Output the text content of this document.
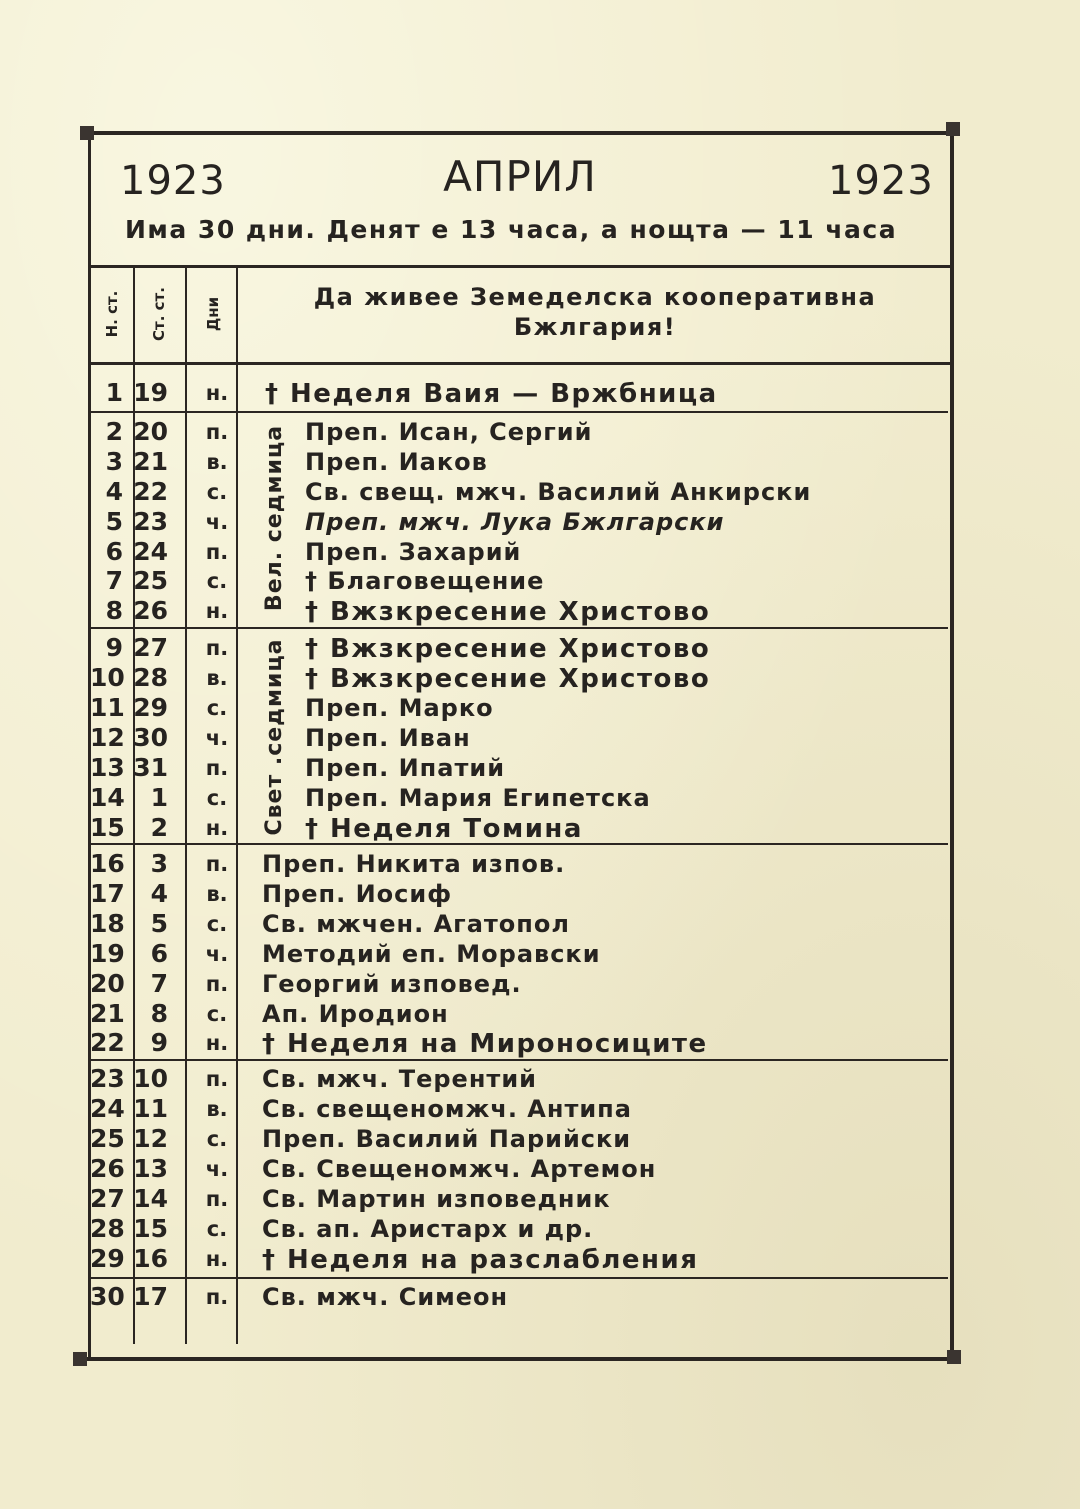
1923	АПРИЛ	1923
Има 30 дни. Денят е 13 часа, а нощта — 11 часа
Н. ст. Ст. ст. Дни	Да живее Земеделска кооперативна
Бжлгария!
Вел. седмица
Свет .седмица
1 19 н. † Неделя Ваия — Вржбница
2 20 п.	Преп. Исан, Сергий
3 21	в.	Преп. Иаков
4 22	с.	Св. свещ. мжч. Василий Анкирски
5 23 ч.	Преп. мжч. Лука Бжлгарски
6 24 п.	Преп. Захарий
7 25	с.	† Благовещение
8 26 н.	† Вжзкресение Христово
9 27 п.	† Вжзкресение Христово
10 28	в.	† Вжзкресение Христово
11 29	с.	Преп. Марко
12 30 ч.	Преп. Иван
13 31 п.	Преп. Ипатий
14	1	с.	Преп. Мария Египетска
15	2 н.	† Неделя Томина
16	3 п. Преп. Никита изпов.
17	4	в. Преп. Иосиф
18	5	с. Св. мжчен. Агатопол
19	6 ч. Методий еп. Моравски
20	7 п. Георгий изповед.
21	8	с. Ап. Иродион
22	9 н. † Неделя на Мироносиците
23 10 п. Св. мжч. Терентий
24 11	в. Св. свещеномжч. Антипа
25 12	с. Преп. Василий Парийски
26 13 ч. Св. Свещеномжч. Артемон
27 14 п. Св. Мартин изповедник
28 15	с. Св. ап. Аристарх и др.
29 16 н. † Неделя на разслабления
30 17 п. Св. мжч. Симеон
